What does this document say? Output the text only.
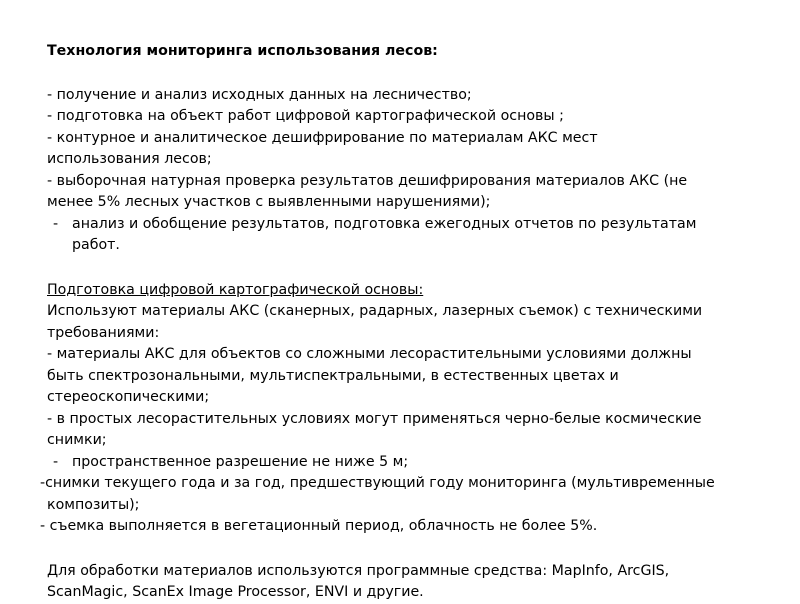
Технология мониторинга использования лесов:
- получение и анализ исходных данных на лесничество;
- подготовка на объект работ цифровой картографической основы ;
- контурное и аналитическое дешифрирование по материалам АКС мест
использования лесов;
- выборочная натурная проверка результатов дешифрирования материалов АКС (не
менее 5% лесных участков с выявленными нарушениями);
- анализ и обобщение результатов, подготовка ежегодных отчетов по результатам
работ.
Подготовка цифровой картографической основы:
Используют материалы АКС (сканерных, радарных, лазерных съемок) с техническими
требованиями:
- материалы АКС для объектов со сложными лесорастительными условиями должны
быть спектрозональными, мультиспектральными, в естественных цветах и
стереоскопическими;
- в простых лесорастительных условиях могут применяться черно-белые космические
снимки;
- пространственное разрешение не ниже 5 м;
-снимки текущего года и за год, предшествующий году мониторинга (мультивременные
композиты);
- съемка выполняется в вегетационный период, облачность не более 5%.
Для обработки материалов используются программные средства: MapInfo, ArcGIS,
ScanMagic, ScanEx Image Processor, ENVI и другие.
